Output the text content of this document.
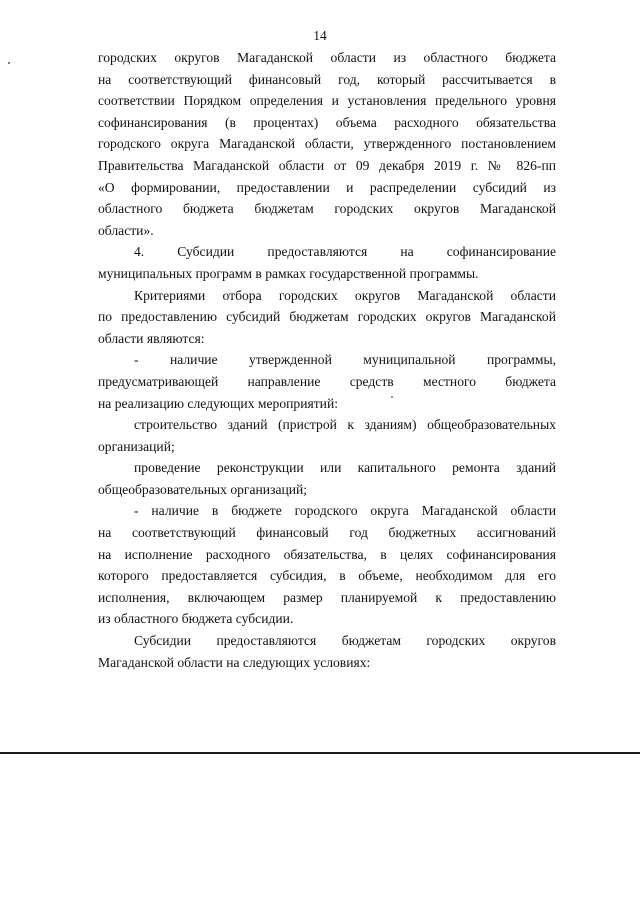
14

городских округов Магаданской области из областного бюджета

на соответствующий финансовый год, который рассчитывается в

соответствии Порядком определения и установления предельного уровня

софинансирования (в процентах) объема расходного обязательства

городского округа Магаданской области, утвержденного постановлением

Правительства Магаданской области от 09 декабря 2019 г. № 826-пп

«О формировании, предоставлении и распределении субсидий из

областного бюджета бюджетам городских округов Магаданской

области».

4. Субсидии предоставляются на софинансирование

муниципальных программ в рамках государственной программы.

Критериями отбора городских округов Магаданской области

по предоставлению субсидий бюджетам городских округов Магаданской

области являются:

- наличие утвержденной муниципальной программы,

предусматривающей направление средств местного бюджета

на реализацию следующих мероприятий:

строительство зданий (пристрой к зданиям) общеобразовательных

организаций;

проведение реконструкции или капитального ремонта зданий

общеобразовательных организаций;

- наличие в бюджете городского округа Магаданской области

на соответствующий финансовый год бюджетных ассигнований

на исполнение расходного обязательства, в целях софинансирования

которого предоставляется субсидия, в объеме, необходимом для его

исполнения, включающем размер планируемой к предоставлению

из областного бюджета субсидии.

Субсидии предоставляются бюджетам городских округов

Магаданской области на следующих условиях:
